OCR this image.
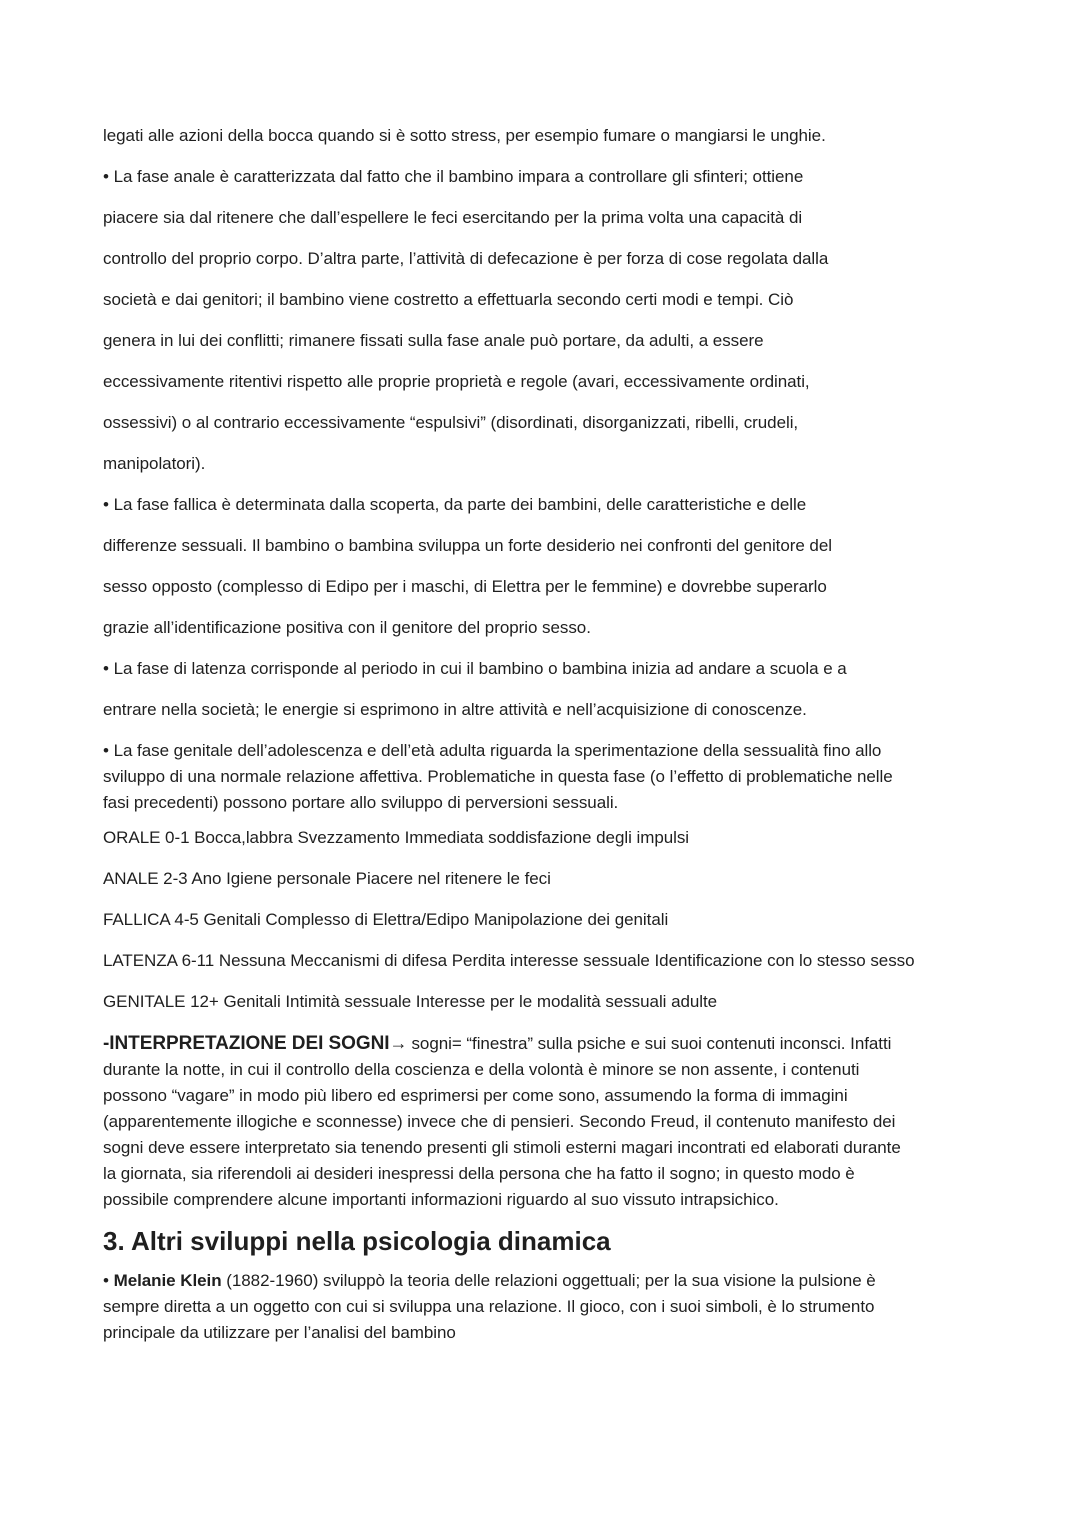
legati alle azioni della bocca quando si è sotto stress, per esempio fumare o mangiarsi le unghie.
• La fase anale è caratterizzata dal fatto che il bambino impara a controllare gli sfinteri; ottiene
piacere sia dal ritenere che dall’espellere le feci esercitando per la prima volta una capacità di
controllo del proprio corpo. D’altra parte, l’attività di defecazione è per forza di cose regolata dalla
società e dai genitori; il bambino viene costretto a effettuarla secondo certi modi e tempi. Ciò
genera in lui dei conflitti; rimanere fissati sulla fase anale può portare, da adulti, a essere
eccessivamente ritentivi rispetto alle proprie proprietà e regole (avari, eccessivamente ordinati,
ossessivi) o al contrario eccessivamente “espulsivi” (disordinati, disorganizzati, ribelli, crudeli,
manipolatori).
• La fase fallica è determinata dalla scoperta, da parte dei bambini, delle caratteristiche e delle
differenze sessuali. Il bambino o bambina sviluppa un forte desiderio nei confronti del genitore del
sesso opposto (complesso di Edipo per i maschi, di Elettra per le femmine) e dovrebbe superarlo
grazie all’identificazione positiva con il genitore del proprio sesso.
• La fase di latenza corrisponde al periodo in cui il bambino o bambina inizia ad andare a scuola e a
entrare nella società; le energie si esprimono in altre attività e nell’acquisizione di conoscenze.
• La fase genitale dell’adolescenza e dell’età adulta riguarda la sperimentazione della sessualità fino allo
sviluppo di una normale relazione affettiva. Problematiche in questa fase (o l’effetto di problematiche nelle
fasi precedenti) possono portare allo sviluppo di perversioni sessuali.
ORALE 0-1 Bocca,labbra Svezzamento Immediata soddisfazione degli impulsi
ANALE 2-3 Ano Igiene personale Piacere nel ritenere le feci
FALLICA 4-5 Genitali Complesso di Elettra/Edipo Manipolazione dei genitali
LATENZA 6-11 Nessuna Meccanismi di difesa Perdita interesse sessuale Identificazione con lo stesso sesso
GENITALE 12+ Genitali Intimità sessuale Interesse per le modalità sessuali adulte
-INTERPRETAZIONE DEI SOGNI→ sogni= “finestra” sulla psiche e sui suoi contenuti inconsci. Infatti
durante la notte, in cui il controllo della coscienza e della volontà è minore se non assente, i contenuti
possono “vagare” in modo più libero ed esprimersi per come sono, assumendo la forma di immagini
(apparentemente illogiche e sconnesse) invece che di pensieri. Secondo Freud, il contenuto manifesto dei
sogni deve essere interpretato sia tenendo presenti gli stimoli esterni magari incontrati ed elaborati durante
la giornata, sia riferendoli ai desideri inespressi della persona che ha fatto il sogno; in questo modo è
possibile comprendere alcune importanti informazioni riguardo al suo vissuto intrapsichico.
3. Altri sviluppi nella psicologia dinamica
• Melanie Klein (1882-1960) sviluppò la teoria delle relazioni oggettuali; per la sua visione la pulsione è
sempre diretta a un oggetto con cui si sviluppa una relazione. Il gioco, con i suoi simboli, è lo strumento
principale da utilizzare per l’analisi del bambino
